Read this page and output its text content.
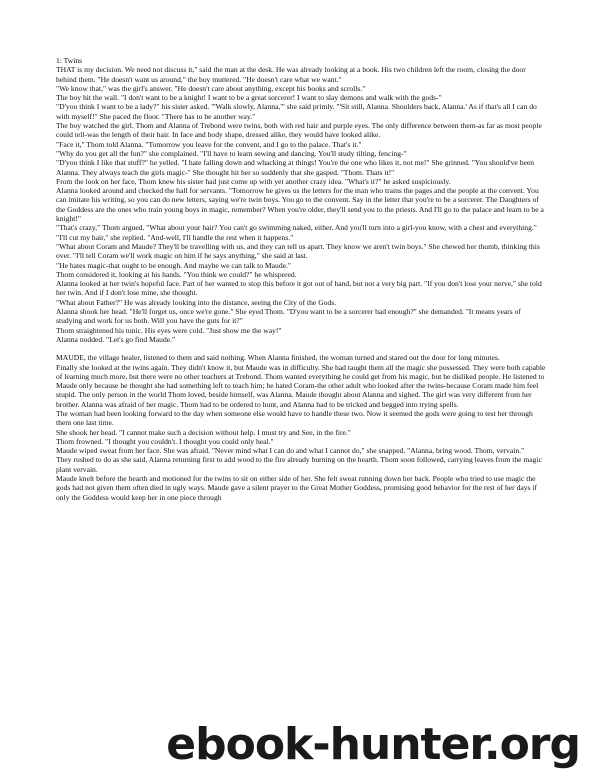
1: Twins

THAT is my decision. We need not discuss it," said the man at the desk. He was already looking at a book. His two children left the room, closing the door behind them. "He doesn't want us around," the boy muttered. "He doesn't care what we want."

"We know that," was the girl's answer. "He doesn't care about anything, except his books and scrolls."

The boy hit the wall. "I don't want to be a knight! I want to be a great sorcerer! I want to slay demons and walk with the gods-"

"D'you think I want to be a lady?" his sister asked. "'Walk slowly, Alanna,'" she said primly. "'Sit still, Alanna. Shoulders back, Alanna.' As if that's all I can do with myself!" She paced the floor. "There has to be another way."

The boy watched the girl. Thom and Alanna of Trebond were twins, both with red hair and purple eyes. The only difference between them-as far as most people could tell-was the length of their hair. In face and body shape, dressed alike, they would have looked alike.

"Face it," Thom told Alanna. "Tomorrow you leave for the convent, and I go to the palace. That's it."

"Why do you get all the fun?" she complained. "I'll have to learn sewing and dancing. You'll study tilting, fencing-"

"D'you think I like that stuff?" he yelled. "I hate falling down and whacking at things! You're the one who likes it, not me!" She grinned. "You should've been Alanna. They always teach the girls magic-" She thought hit her so suddenly that she gasped. "Thom. Thats it!"

From the look on her face, Thom knew his sister had just come up with yet another crazy idea. "What's it?" he asked suspiciously.

Alanna looked around and checked the hall for servants. "Tomorrow he gives us the letters for the man who trains the pages and the people at the convent. You can imitate his writing, so you can do new letters, saying we're twin boys. You go to the convent. Say in the letter that you're to be a sorcerer. The Daughters of the Goddess are the ones who train young boys in magic, remember? When you're older, they'll send you to the priests. And I'll go to the palace and learn to be a knight!"

"That's crazy," Thom argued. "What about your hair? You can't go swimming naked, either. And you'll turn into a girl-you know, with a chest and everything."

"I'll cut my hair," she replied. "And-well, I'll handle the rest when it happens."

"What about Coram and Maude? They'll be travelling with us, and they can tell us apart. They know we aren't twin boys." She chewed her thumb, thinking this over. "I'll tell Coram we'll work magic on him if he says anything," she said at last.

"He hates magic-that ought to be enough. And maybe we can talk to Maude."

Thom considered it, looking at his hands. "You think we could?" he whispered.

Alanna looked at her twin's hopeful face. Part of her wanted to stop this before it got out of hand, but not a very big part. "If you don't lose your nerve," she told her twin. And if I don't lose mine, she thought.

"What about Father?" He was already looking into the distance, seeing the City of the Gods.

Alanna shook her head. "He'll forget us, once we're gone." She eyed Thom. "D'you want to be a sorcerer bad enough?" she demanded. "It means years of studying and work for us both. Will you have the guts for it?"

Thom straightened his tunic. His eyes were cold. "Just show me the way!"

Alanna nodded. "Let's go find Maude."

MAUDE, the village healer, listened to them and said nothing. When Alanna finished, the woman turned and stared out the door for long minutes.

Finally she looked at the twins again. They didn't know it, but Maude was in difficulty. She had taught them all the magic she possessed. They were both capable of learning much more, but there were no other teachers at Trebond. Thom wanted everything he could get from his magic, but he disliked people. He listened to Maude only because he thought she had something left to teach him; he hated Coram-the other adult who looked after the twins-because Coram made him feel stupid. The only person in the world Thom loved, beside himself, was Alanna. Maude thought about Alanna and sighed. The girl was very different from her brother. Alanna was afraid of her magic. Thom had to be ordered to hunt, and Alanna had to be tricked and begged into trying spells.

The woman had been looking forward to the day when someone else would have to handle these two. Now it seemed the gods were going to test her through them one last time.

She shook her head. "I cannot make such a decision without help. I must try and See, in the fire."

Thom frowned. "I thought you couldn't. I thought you could only heal."

Maude wiped sweat from her face. She was afraid. "Never mind what I can do and what I cannot do," she snapped. "Alanna, bring wood. Thom, vervain."

They rushed to do as she said, Alanna returning first to add wood to the fire already burning on the hearth. Thom soon followed, carrying leaves from the magic plant vervain.

Maude knelt before the hearth and motioned for the twins to sit on either side of her. She felt sweat running down her back. People who tried to use magic the gods had not given them often died in ugly ways. Maude gave a silent prayer to the Great Mother Goddess, promising good behavior for the rest of her days if only the Goddess would keep her in one piece through

ebook-hunter.org
